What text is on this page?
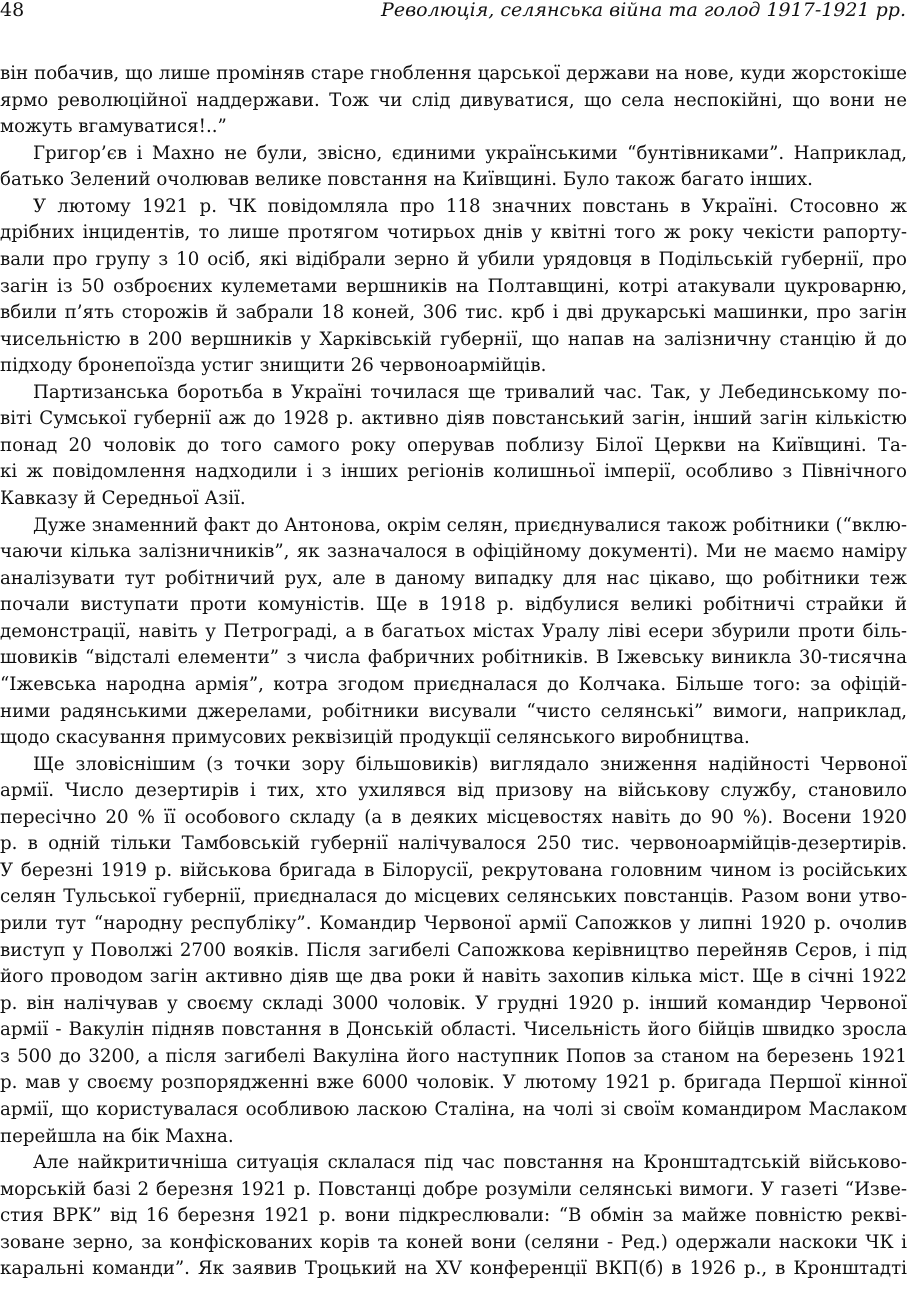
48	Революція, селянська війна та голод 1917-1921 рр.
він побачив, що лише проміняв старе гноблення царської держави на нове, куди жорстокіше
ярмо революційної наддержави. Тож чи слід дивуватися, що села неспокійні, що вони не
можуть вгамуватися!..”
Григор’єв і Махно не були, звісно, єдиними українськими “бунтівниками”. Наприклад,
батько Зелений очолював велике повстання на Київщині. Було також багато інших.
У лютому 1921 р. ЧК повідомляла про 118 значних повстань в Україні. Стосовно ж
дрібних інцидентів, то лише протягом чотирьох днів у квітні того ж року чекісти рапорту-
вали про групу з 10 осіб, які відібрали зерно й убили урядовця в Подільській губернії, про
загін із 50 озброєних кулеметами вершників на Полтавщині, котрі атакували цукроварню,
вбили п’ять сторожів й забрали 18 коней, 306 тис. крб і дві друкарські машинки, про загін
чисельністю в 200 вершників у Харківській губернії, що напав на залізничну станцію й до
підходу бронепоїзда устиг знищити 26 червоноармійців.
Партизанська боротьба в Україні точилася ще тривалий час. Так, у Лебединському по-
віті Сумської губернії аж до 1928 р. активно діяв повстанський загін, інший загін кількістю
понад 20 чоловік до того самого року оперував поблизу Білої Церкви на Київщині. Та-
кі ж повідомлення надходили і з інших регіонів колишньої імперії, особливо з Північного
Кавказу й Середньої Азії.
Дуже знаменний факт до Антонова, окрім селян, приєднувалися також робітники (“вклю-
чаючи кілька залізничників”, як зазначалося в офіційному документі). Ми не маємо наміру
аналізувати тут робітничий рух, але в даному випадку для нас цікаво, що робітники теж
почали виступати проти комуністів. Ще в 1918 р. відбулися великі робітничі страйки й
демонстрації, навіть у Петрограді, а в багатьох містах Уралу ліві есери збурили проти біль-
шовиків “відсталі елементи” з числа фабричних робітників. В Іжевську виникла 30-тисячна
“Іжевська народна армія”, котра згодом приєдналася до Колчака. Більше того: за офіцій-
ними радянськими джерелами, робітники висували “чисто селянські” вимоги, наприклад,
щодо скасування примусових реквізицій продукції селянського виробництва.
Ще зловіснішим (з точки зору більшовиків) виглядало зниження надійності Червоної
армії. Число дезертирів і тих, хто ухилявся від призову на військову службу, становило
пересічно 20 % її особового складу (а в деяких місцевостях навіть до 90 %). Восени 1920
р. в одній тільки Тамбовській губернії налічувалося 250 тис. червоноармійців-дезертирів.
У березні 1919 р. військова бригада в Білорусії, рекрутована головним чином із російських
селян Тульської губернії, приєдналася до місцевих селянських повстанців. Разом вони утво-
рили тут “народну республіку”. Командир Червоної армії Сапожков у липні 1920 р. очолив
виступ у Поволжі 2700 вояків. Після загибелі Сапожкова керівництво перейняв Сєров, і під
його проводом загін активно діяв ще два роки й навіть захопив кілька міст. Ще в січні 1922
р. він налічував у своєму складі 3000 чоловік. У грудні 1920 р. інший командир Червоної
армії - Вакулін підняв повстання в Донській області. Чисельність його бійців швидко зросла
з 500 до 3200, а після загибелі Вакуліна його наступник Попов за станом на березень 1921
р. мав у своєму розпорядженні вже 6000 чоловік. У лютому 1921 р. бригада Першої кінної
армії, що користувалася особливою ласкою Сталіна, на чолі зі своїм командиром Маслаком
перейшла на бік Махна.
Але найкритичніша ситуація склалася під час повстання на Кронштадтській військово-
морській базі 2 березня 1921 р. Повстанці добре розуміли селянські вимоги. У газеті “Изве-
стия ВРК” від 16 березня 1921 р. вони підкреслювали: “В обмін за майже повністю рекві-
зоване зерно, за конфіскованих корів та коней вони (селяни - Ред.) одержали наскоки ЧК і
каральні команди”. Як заявив Троцький на XV конференції ВКП(б) в 1926 р., в Кронштадті
